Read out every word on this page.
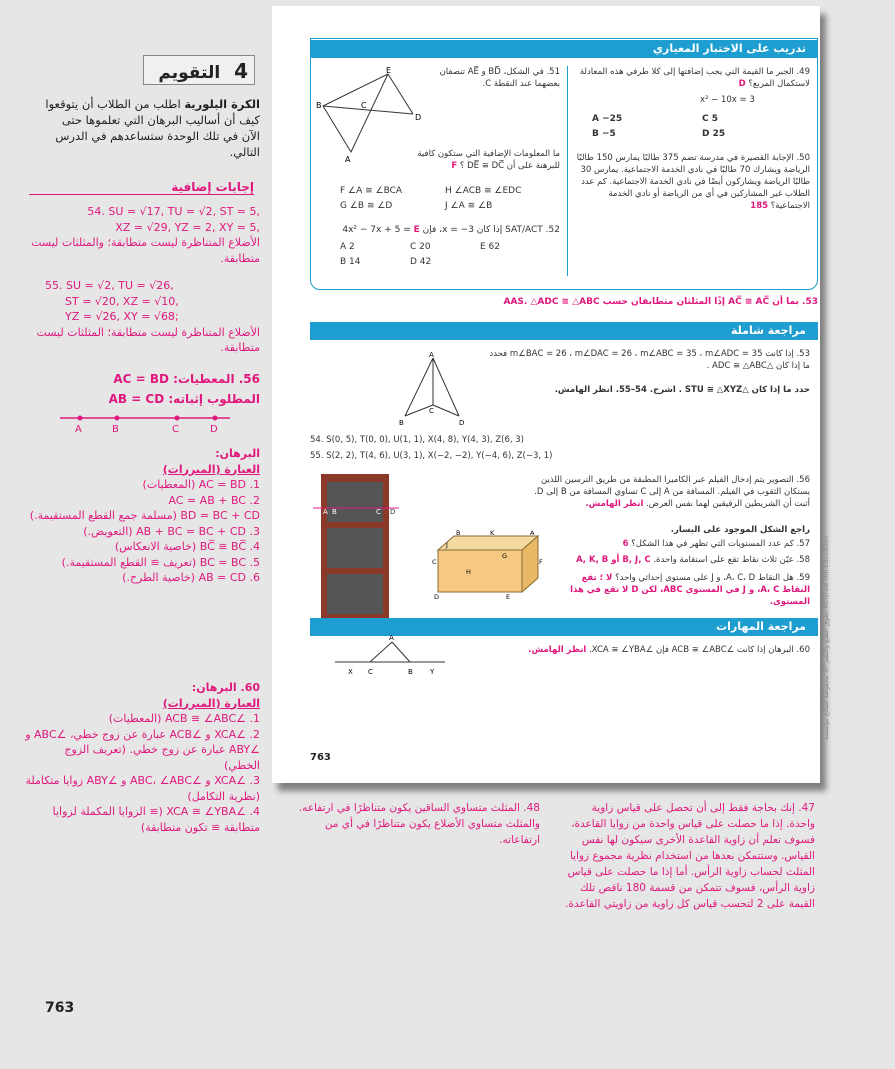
4 التقويم
الكرة البلورية اطلب من الطلاب أن يتوقعوا كيف أن أساليب البرهان التي تعلموها حتى الآن في تلك الوحدة ستساعدهم في الدرس التالي.
إجابات إضافية
54. SU = √17, TU = √2, ST = 5,
XZ = √29, YZ = 2, XY = 5,
الأضلاع المتناظرة ليست متطابقة؛ والمثلثات ليست متطابقة.
55. SU = √2, TU = √26,
ST = √20, XZ = √10,
YZ = √26, XY = √68;
الأضلاع المتناظرة ليست متطابقة؛ المثلثات ليست متطابقة.
56. المعطيات: AC = BD
المطلوب إثباته: AB = CD
A	B	C	D
البرهان:
العبارة (المبررات)
1. AC = BD (المعطيات)
2. AC = AB + BC
BD = BC + CD (مسلمة جمع القطع المستقيمة.)
3. AB + BC = BC + CD (التعويض.)
4. BC̅ ≅ BC̅ (خاصية الانعكاس)
5. BC = BC (تعريف ≅ القطع المستقيمة.)
6. AB = CD (خاصية الطرح.)
60. البرهان:
العبارة (المبررات)
1. ∠ACB ≅ ∠ABC (المعطيات)
2. ∠XCA و ∠ACB عبارة عن زوج خطي، ∠ABC و ∠ABY عبارة عن زوج خطي. (تعريف الزوج الخطي)
3. ∠XCA و ∠ABC، ∠ABC و ∠ABY زوايا متكاملة (نظرية التكامل)
4. ∠XCA ≅ ∠YBA (≅ الزوايا المكملة لزوايا متطابقة ≅ تكون متطابقة)
تدريب على الاختبار المعياري
49. الجبر ما القيمة التي يجب إضافتها إلى كلا طرفي هذه المعادلة لاستكمال المربع؟ D
x² − 10x = 3
A −25	C 5
B −5	D 25
50. الإجابة القصيرة في مدرسة تضم 375 طالبًا يمارس 150 طالبًا الرياضة ويشارك 70 طالبًا في نادي الخدمة الاجتماعية. يمارس 30 طالبًا الرياضة ويشاركون أيضًا في نادي الخدمة الاجتماعية. كم عدد الطلاب غير المشاركين في أي من الرياضة أو نادي الخدمة الاجتماعية؟ 185
51. في الشكل، BD̅ و AE̅ تنصفان بعضهما عند النقطة C.
E
B	C
D
A
ما المعلومات الإضافية التي ستكون كافية للبرهنة على أن DE̅ ≅ DC̅ ؟ F
F ∠A ≅ ∠BCA	H ∠ACB ≅ ∠EDC
G ∠B ≅ ∠D	J ∠A ≅ ∠B
52. SAT/ACT إذا كان x = −3، فإن 4x² − 7x + 5 = E
A 2	C 20	E 62
B 14	D 42
53. بما أن AC̅ ≅ AC̅ إذًا المثلثان متطابقان حسب AAS. △ADC ≅ △ABC
مراجعة شاملة
53. إذا كانت m∠BAC = 26 ، m∠DAC = 26 ، m∠ABC = 35 ، m∠ADC = 35 فحدد ما إذا كان △ADC ≅ △ABC .
A
B
C
D
حدد ما إذا كان △STU ≅ △XYZ . اشرح. 54–55. انظر الهامش.
54. S(0, 5), T(0, 0), U(1, 1), X(4, 8), Y(4, 3), Z(6, 3)
55. S(2, 2), T(4, 6), U(3, 1), X(−2, −2), Y(−4, 6), Z(−3, 1)
56. التصوير يتم إدخال الفيلم عبر الكاميرا المطبقة من طريق الترسين اللذين يستكان الثقوب في الفيلم. المسافة من A إلى C تساوي المسافة من B إلى D. أثبت أن الشريطين الرقيقين لهما نفس العرض. انظر الهامش.
A B	C D
B	K	A
J
C
G
H
F
D	E
راجع الشكل الموجود على اليسار.
57. كم عدد المستويات التي تظهر في هذا الشكل؟ 6
58. عيّن ثلاث نقاط تقع على استقامة واحدة. B, J, C أو A, K, B
59. هل النقاط A، C، D، و J على مستوى إحداثي واحد؟ لا ؛ تقع النقاط A، C، و J في المستوى ABC، لكن D لا تقع في هذا المستوى.
مراجعة المهارات
60. البرهان إذا كانت ∠ACB ≅ ∠ABC فإن ∠XCA ≅ ∠YBA. انظر الهامش.
A
X C	B Y
763
حقوق الطبع والنشر © محفوظة لصالح مؤسسة McGraw-Hill Education
47. إنك بحاجة فقط إلى أن تحصل على قياس زاوية واحدة. إذا ما حصلت على قياس واحدة من زوايا القاعدة، فسوف تعلم أن زاوية القاعدة الأخرى سيكون لها نفس القياس. وستتمكن بعدها من استخدام نظرية مجموع زوايا المثلث لحساب زاوية الرأس. أما إذا ما حصلت على قياس زاوية الرأس، فسوف تتمكن من قسمة 180 ناقص تلك القيمة على 2 لتحسب قياس كل زاوية من زاويتي القاعدة.
48. المثلث متساوي الساقين يكون متناظرًا في ارتفاعه. والمثلث متساوي الأضلاع يكون متناظرًا في أي من ارتفاعاته.
763
